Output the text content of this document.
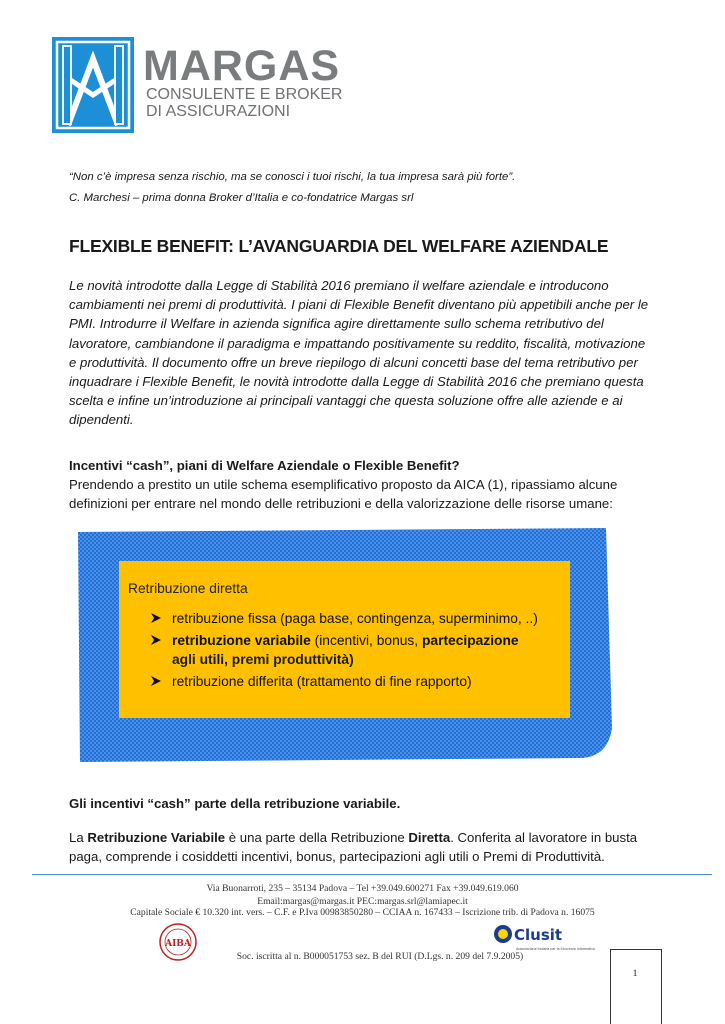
MARGAS
CONSULENTE E BROKER
DI ASSICURAZIONI
“Non c’è impresa senza rischio, ma se conosci i tuoi rischi, la tua impresa sarà più forte”.
C. Marchesi – prima donna Broker d’Italia e co-fondatrice Margas srl
FLEXIBLE BENEFIT: L’AVANGUARDIA DEL WELFARE AZIENDALE
Le novità introdotte dalla Legge di Stabilità 2016 premiano il welfare aziendale e introducono cambiamenti nei premi di produttività. I piani di Flexible Benefit diventano più appetibili anche per le PMI. Introdurre il Welfare in azienda significa agire direttamente sullo schema retributivo del lavoratore, cambiandone il paradigma e impattando positivamente su reddito, fiscalità, motivazione e produttività. Il documento offre un breve riepilogo di alcuni concetti base del tema retributivo per inquadrare i Flexible Benefit, le novità introdotte dalla Legge di Stabilità 2016 che premiano questa scelta e infine un’introduzione ai principali vantaggi che questa soluzione offre alle aziende e ai dipendenti.
Incentivi “cash”, piani di Welfare Aziendale o Flexible Benefit?
Prendendo a prestito un utile schema esemplificativo proposto da AICA (1), ripassiamo alcune definizioni per entrare nel mondo delle retribuzioni e della valorizzazione delle risorse umane:
Retribuzione diretta
retribuzione fissa (paga base, contingenza, superminimo, ..)
retribuzione variabile (incentivi, bonus, partecipazione
agli utili, premi produttività)
retribuzione differita (trattamento di fine rapporto)
Gli incentivi “cash” parte della retribuzione variabile.
La Retribuzione Variabile è una parte della Retribuzione Diretta. Conferita al lavoratore in busta paga, comprende i cosiddetti incentivi, bonus, partecipazioni agli utili o Premi di Produttività.
Via Buonarroti, 235 – 35134 Padova – Tel +39.049.600271 Fax +39.049.619.060
Email:margas@margas.it PEC:margas.srl@lamiapec.it
Capitale Sociale € 10.320 int. vers. – C.F. e P.Iva 00983850280 – CCIAA n. 167433 – Iscrizione trib. di Padova n. 16075
AIBA
Soc. iscritta al n. B000051753 sez. B del RUI (D.Lgs. n. 209 del 7.9.2005)
Clusit
Associazione Italiana per la Sicurezza Informatica
1
